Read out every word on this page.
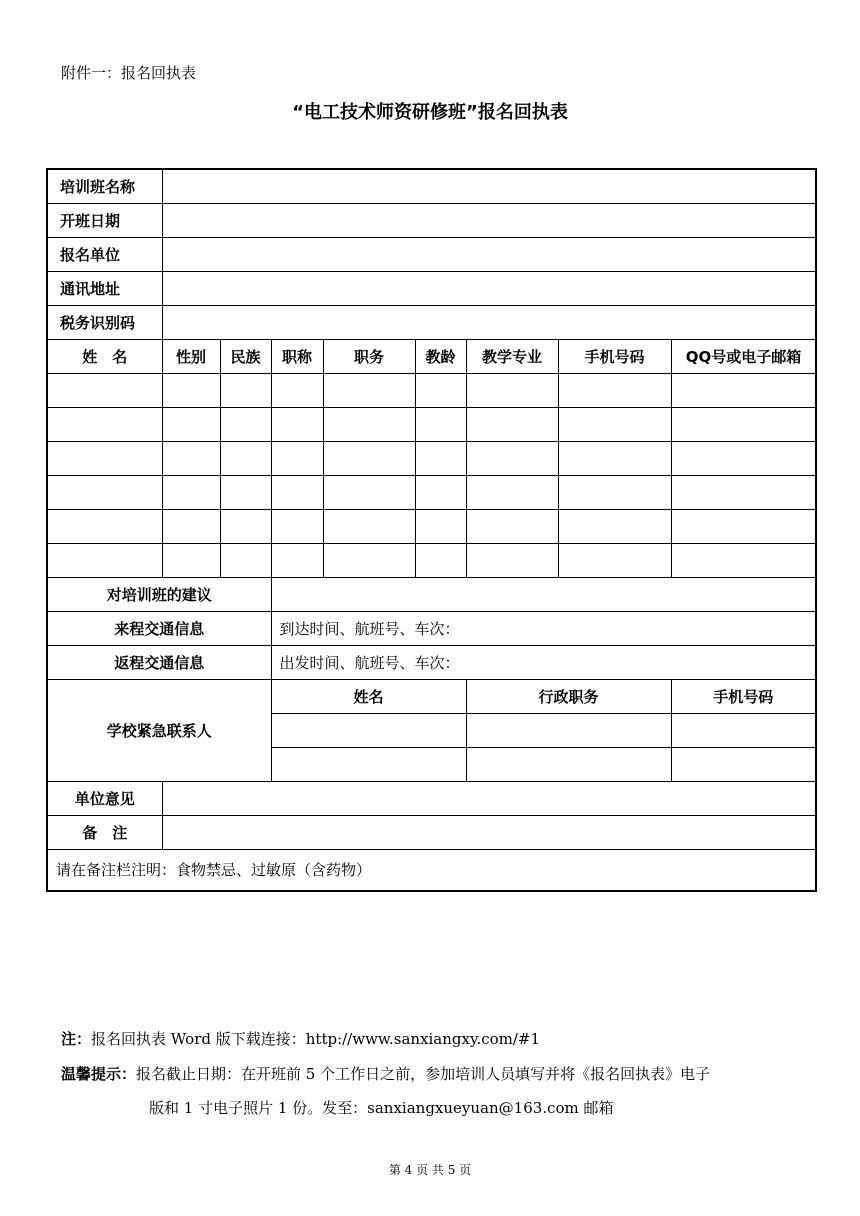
附件一：报名回执表
“电工技术师资研修班”报名回执表
培训班名称								
开班日期								
报名单位								
通讯地址								
税务识别码								
姓　名	性别	民族	职称	职务	教龄	教学专业	手机号码	QQ号或电子邮箱

对培训班的建议								
来程交通信息			到达时间、航班号、车次：					
返程交通信息			出发时间、航班号、车次：					
学校紧急联系人			姓名			行政职务		手机号码

单位意见								
备　注								
请在备注栏注明：食物禁忌、过敏原（含药物）								
注：报名回执表 Word 版下载连接：http://www.sanxiangxy.com/#1
温馨提示：报名截止日期：在开班前 5 个工作日之前，参加培训人员填写并将《报名回执表》电子
版和 1 寸电子照片 1 份。发至：sanxiangxueyuan@163.com 邮箱
第 4 页 共 5 页
